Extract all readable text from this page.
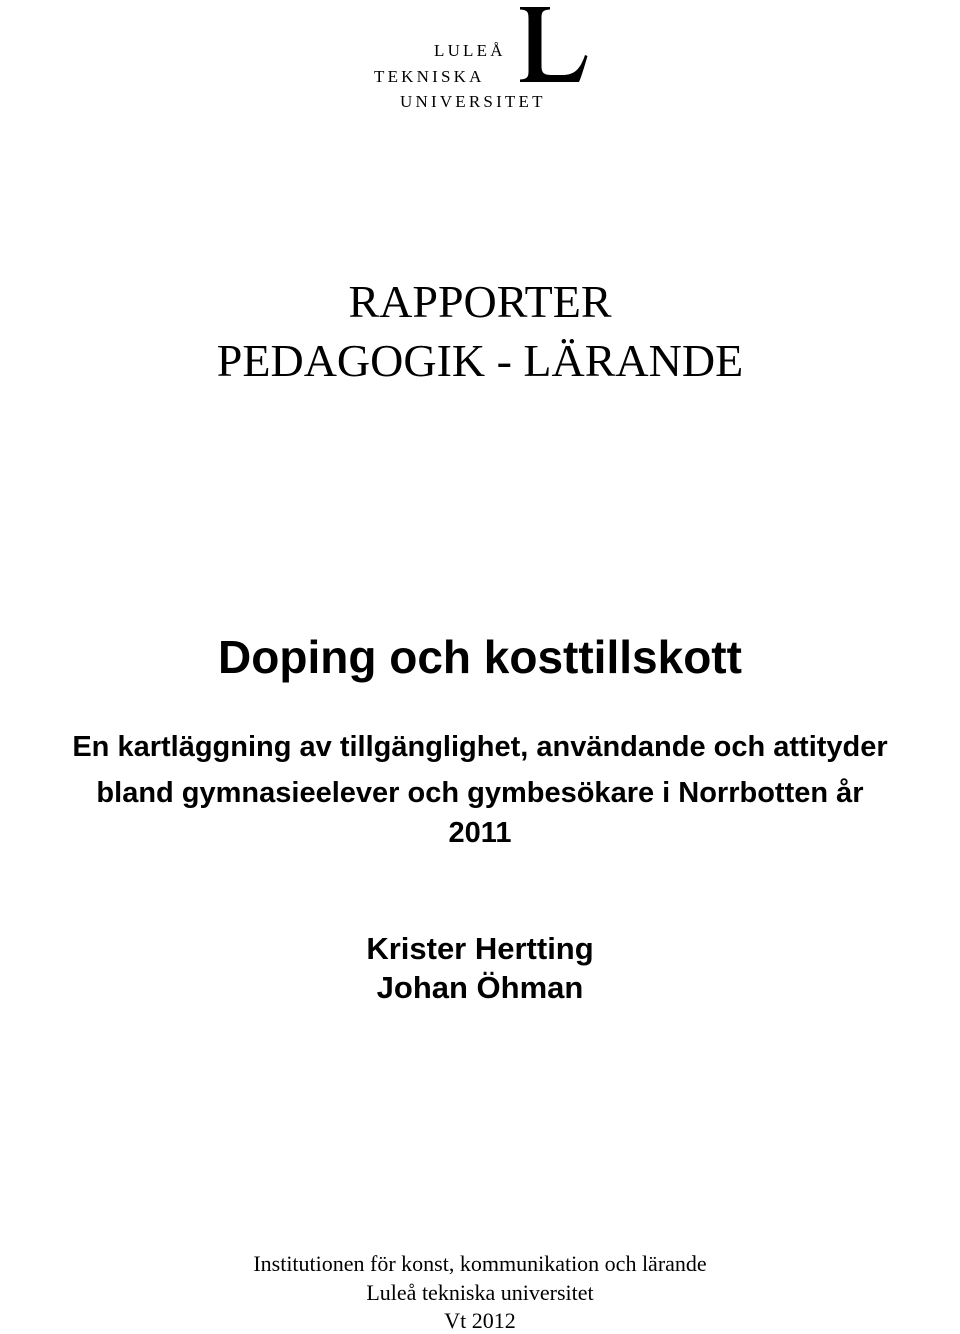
LULEÅ
TEKNISKA
UNIVERSITET
RAPPORTER
PEDAGOGIK - LÄRANDE
Doping och kosttillskott
En kartläggning av tillgänglighet, användande och attityder
bland gymnasieelever och gymbesökare i Norrbotten år
2011
Krister Hertting
Johan Öhman
Institutionen för konst, kommunikation och lärande
Luleå tekniska universitet
Vt 2012
